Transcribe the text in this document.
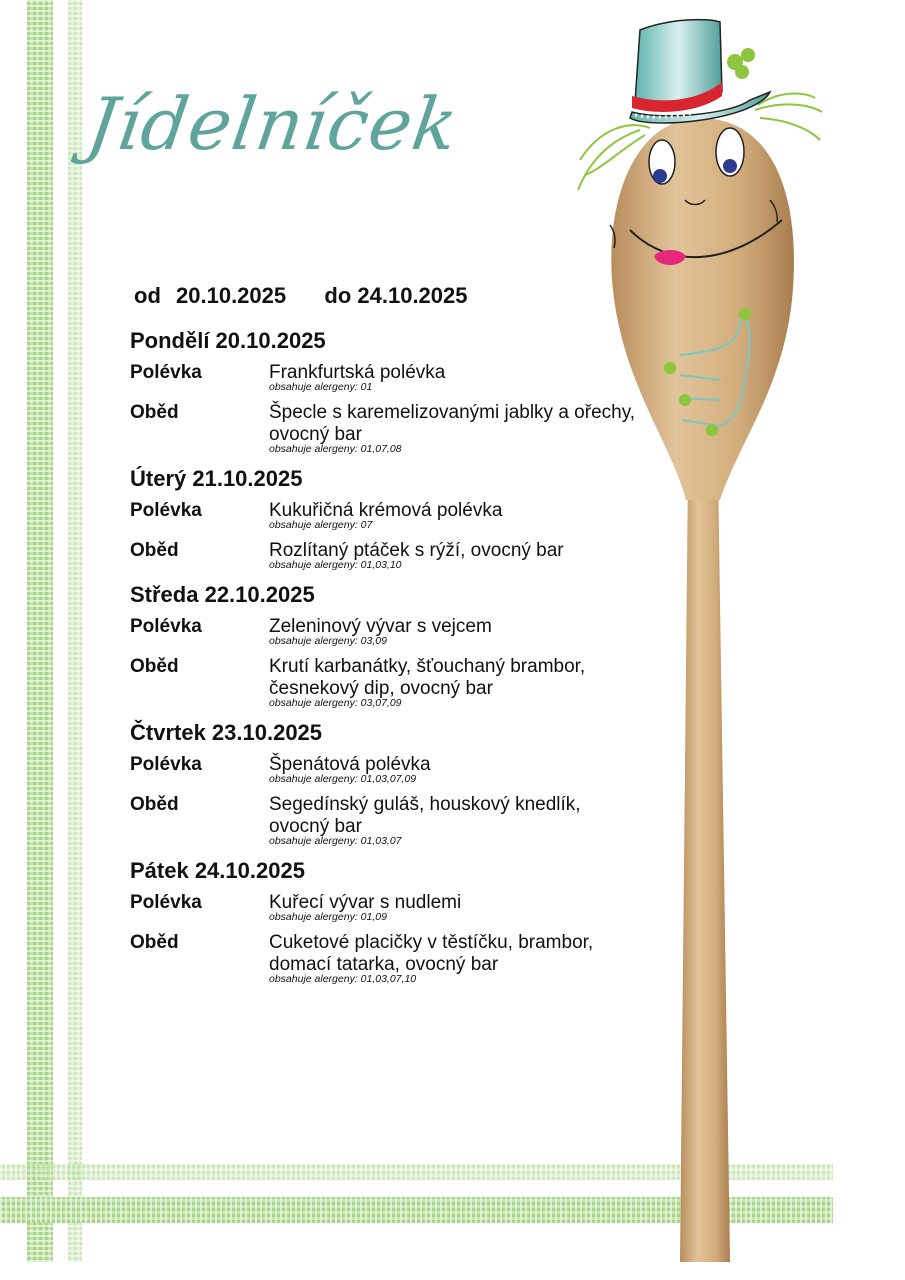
Jídelníček
od 20.10.2025 do 24.10.2025
Pondělí 20.10.2025
Polévka	Frankfurtská polévka
obsahuje alergeny: 01
Oběd	Špecle s karemelizovanými jablky a ořechy,
ovocný bar
obsahuje alergeny: 01,07,08
Úterý 21.10.2025
Polévka	Kukuřičná krémová polévka
obsahuje alergeny: 07
Oběd	Rozlítaný ptáček s rýží, ovocný bar
obsahuje alergeny: 01,03,10
Středa 22.10.2025
Polévka	Zeleninový vývar s vejcem
obsahuje alergeny: 03,09
Oběd	Krutí karbanátky, šťouchaný brambor,
česnekový dip, ovocný bar
obsahuje alergeny: 03,07,09
Čtvrtek 23.10.2025
Polévka	Špenátová polévka
obsahuje alergeny: 01,03,07,09
Oběd	Segedínský guláš, houskový knedlík,
ovocný bar
obsahuje alergeny: 01,03,07
Pátek 24.10.2025
Polévka	Kuřecí vývar s nudlemi
obsahuje alergeny: 01,09
Oběd	Cuketové placičky v těstíčku, brambor,
domací tatarka, ovocný bar
obsahuje alergeny: 01,03,07,10
